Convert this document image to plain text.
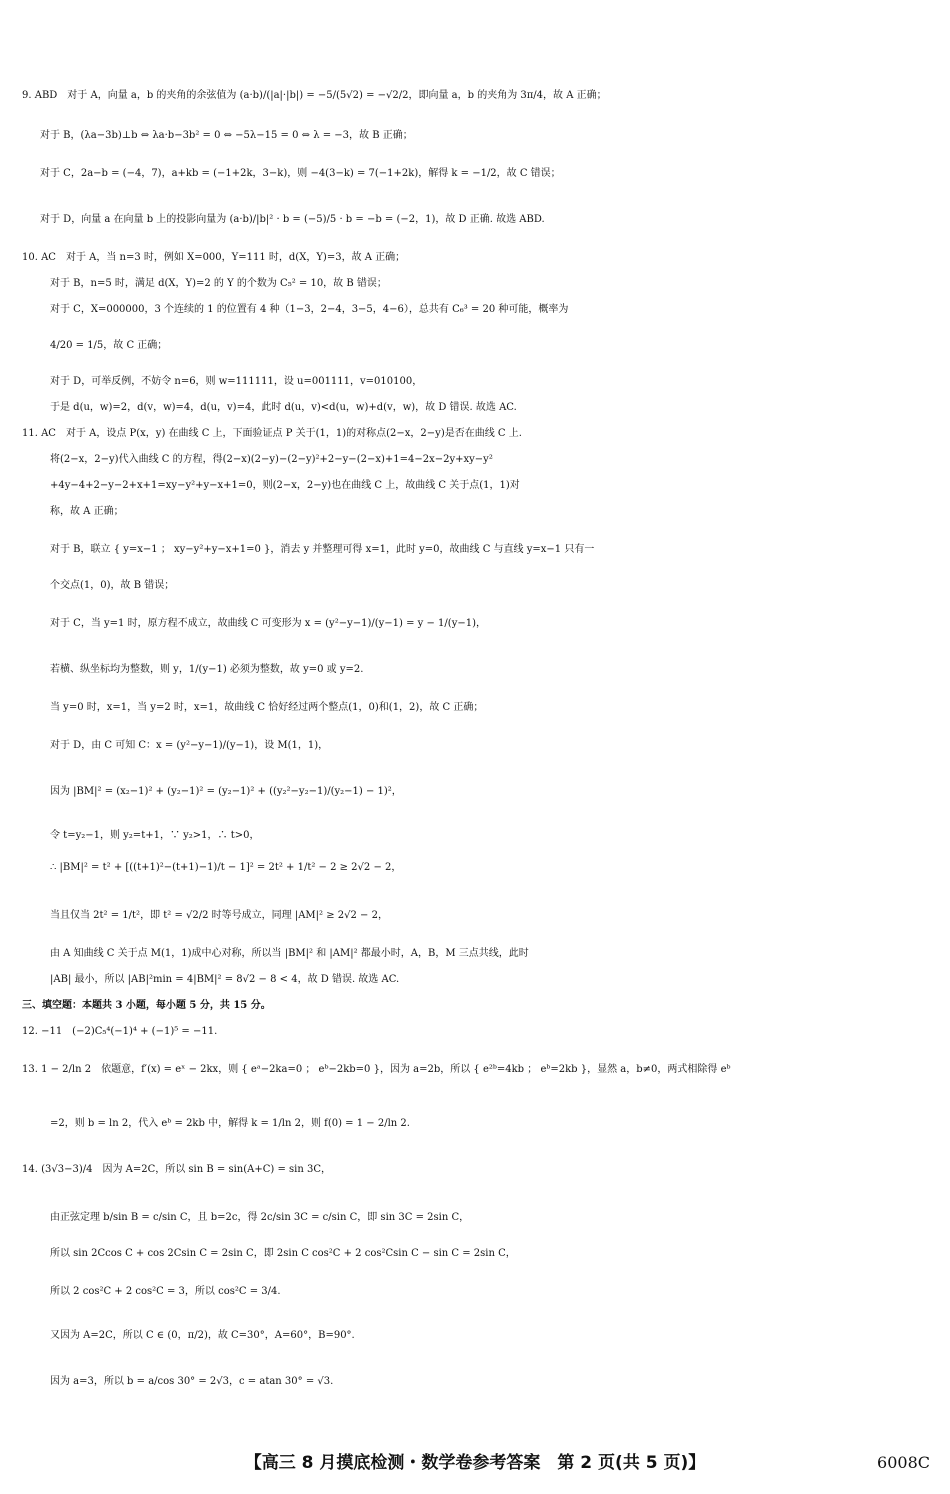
9. ABD　对于 A，向量 a，b 的夹角的余弦值为 (a·b)/(|a|·|b|) = −5/(5√2) = −√2/2，即向量 a，b 的夹角为 3π/4，故 A 正确；
对于 B，(λa−3b)⊥b ⇔ λa·b−3b² = 0 ⇔ −5λ−15 = 0 ⇔ λ = −3，故 B 正确；
对于 C，2a−b = (−4，7)，a+kb = (−1+2k，3−k)，则 −4(3−k) = 7(−1+2k)，解得 k = −1/2，故 C 错误；
对于 D，向量 a 在向量 b 上的投影向量为 (a·b)/|b|² · b = (−5)/5 · b = −b = (−2，1)，故 D 正确. 故选 ABD.
10. AC　对于 A，当 n=3 时，例如 X=000，Y=111 时，d(X，Y)=3，故 A 正确；
对于 B，n=5 时，满足 d(X，Y)=2 的 Y 的个数为 C₅² = 10，故 B 错误；
对于 C，X=000000，3 个连续的 1 的位置有 4 种（1−3，2−4，3−5，4−6），总共有 C₆³ = 20 种可能，概率为
4/20 = 1/5，故 C 正确；
对于 D，可举反例，不妨令 n=6，则 w=111111，设 u=001111，v=010100，
于是 d(u，w)=2，d(v，w)=4，d(u，v)=4，此时 d(u，v)<d(u，w)+d(v，w)，故 D 错误. 故选 AC.
11. AC　对于 A，设点 P(x，y) 在曲线 C 上，下面验证点 P 关于(1，1)的对称点(2−x，2−y)是否在曲线 C 上.
将(2−x，2−y)代入曲线 C 的方程，得(2−x)(2−y)−(2−y)²+2−y−(2−x)+1=4−2x−2y+xy−y²
+4y−4+2−y−2+x+1=xy−y²+y−x+1=0，则(2−x，2−y)也在曲线 C 上，故曲线 C 关于点(1，1)对
称，故 A 正确；
对于 B，联立 { y=x−1 ； xy−y²+y−x+1=0 }，消去 y 并整理可得 x=1，此时 y=0，故曲线 C 与直线 y=x−1 只有一
个交点(1，0)，故 B 错误；
对于 C，当 y=1 时，原方程不成立，故曲线 C 可变形为 x = (y²−y−1)/(y−1) = y − 1/(y−1)，
若横、纵坐标均为整数，则 y，1/(y−1) 必须为整数，故 y=0 或 y=2.
当 y=0 时，x=1，当 y=2 时，x=1，故曲线 C 恰好经过两个整点(1，0)和(1，2)，故 C 正确；
对于 D，由 C 可知 C：x = (y²−y−1)/(y−1)，设 M(1，1)，
因为 |BM|² = (x₂−1)² + (y₂−1)² = (y₂−1)² + ((y₂²−y₂−1)/(y₂−1) − 1)²，
令 t=y₂−1，则 y₂=t+1，∵ y₂>1，∴ t>0，
∴ |BM|² = t² + [((t+1)²−(t+1)−1)/t − 1]² = 2t² + 1/t² − 2 ≥ 2√2 − 2，
当且仅当 2t² = 1/t²，即 t² = √2/2 时等号成立，同理 |AM|² ≥ 2√2 − 2，
由 A 知曲线 C 关于点 M(1，1)成中心对称，所以当 |BM|² 和 |AM|² 都最小时，A，B，M 三点共线，此时
|AB| 最小，所以 |AB|²min = 4|BM|² = 8√2 − 8 < 4，故 D 错误. 故选 AC.
三、填空题：本题共 3 小题，每小题 5 分，共 15 分。
12. −11　(−2)C₅⁴(−1)⁴ + (−1)⁵ = −11.
13. 1 − 2/ln 2　依题意，f′(x) = eˣ − 2kx，则 { eᵃ−2ka=0 ； eᵇ−2kb=0 }，因为 a=2b，所以 { e²ᵇ=4kb ； eᵇ=2kb }，显然 a，b≠0，两式相除得 eᵇ
=2，则 b = ln 2，代入 eᵇ = 2kb 中，解得 k = 1/ln 2，则 f(0) = 1 − 2/ln 2.
14. (3√3−3)/4　因为 A=2C，所以 sin B = sin(A+C) = sin 3C，
由正弦定理 b/sin B = c/sin C，且 b=2c，得 2c/sin 3C = c/sin C，即 sin 3C = 2sin C，
所以 sin 2Ccos C + cos 2Csin C = 2sin C，即 2sin C cos²C + 2 cos²Csin C − sin C = 2sin C，
所以 2 cos²C + 2 cos²C = 3，所以 cos²C = 3/4.
又因为 A=2C，所以 C ∈ (0，π/2)，故 C=30°，A=60°，B=90°.
因为 a=3，所以 b = a/cos 30° = 2√3，c = atan 30° = √3.
【高三 8 月摸底检测・数学卷参考答案　第 2 页(共 5 页)】	6008C
